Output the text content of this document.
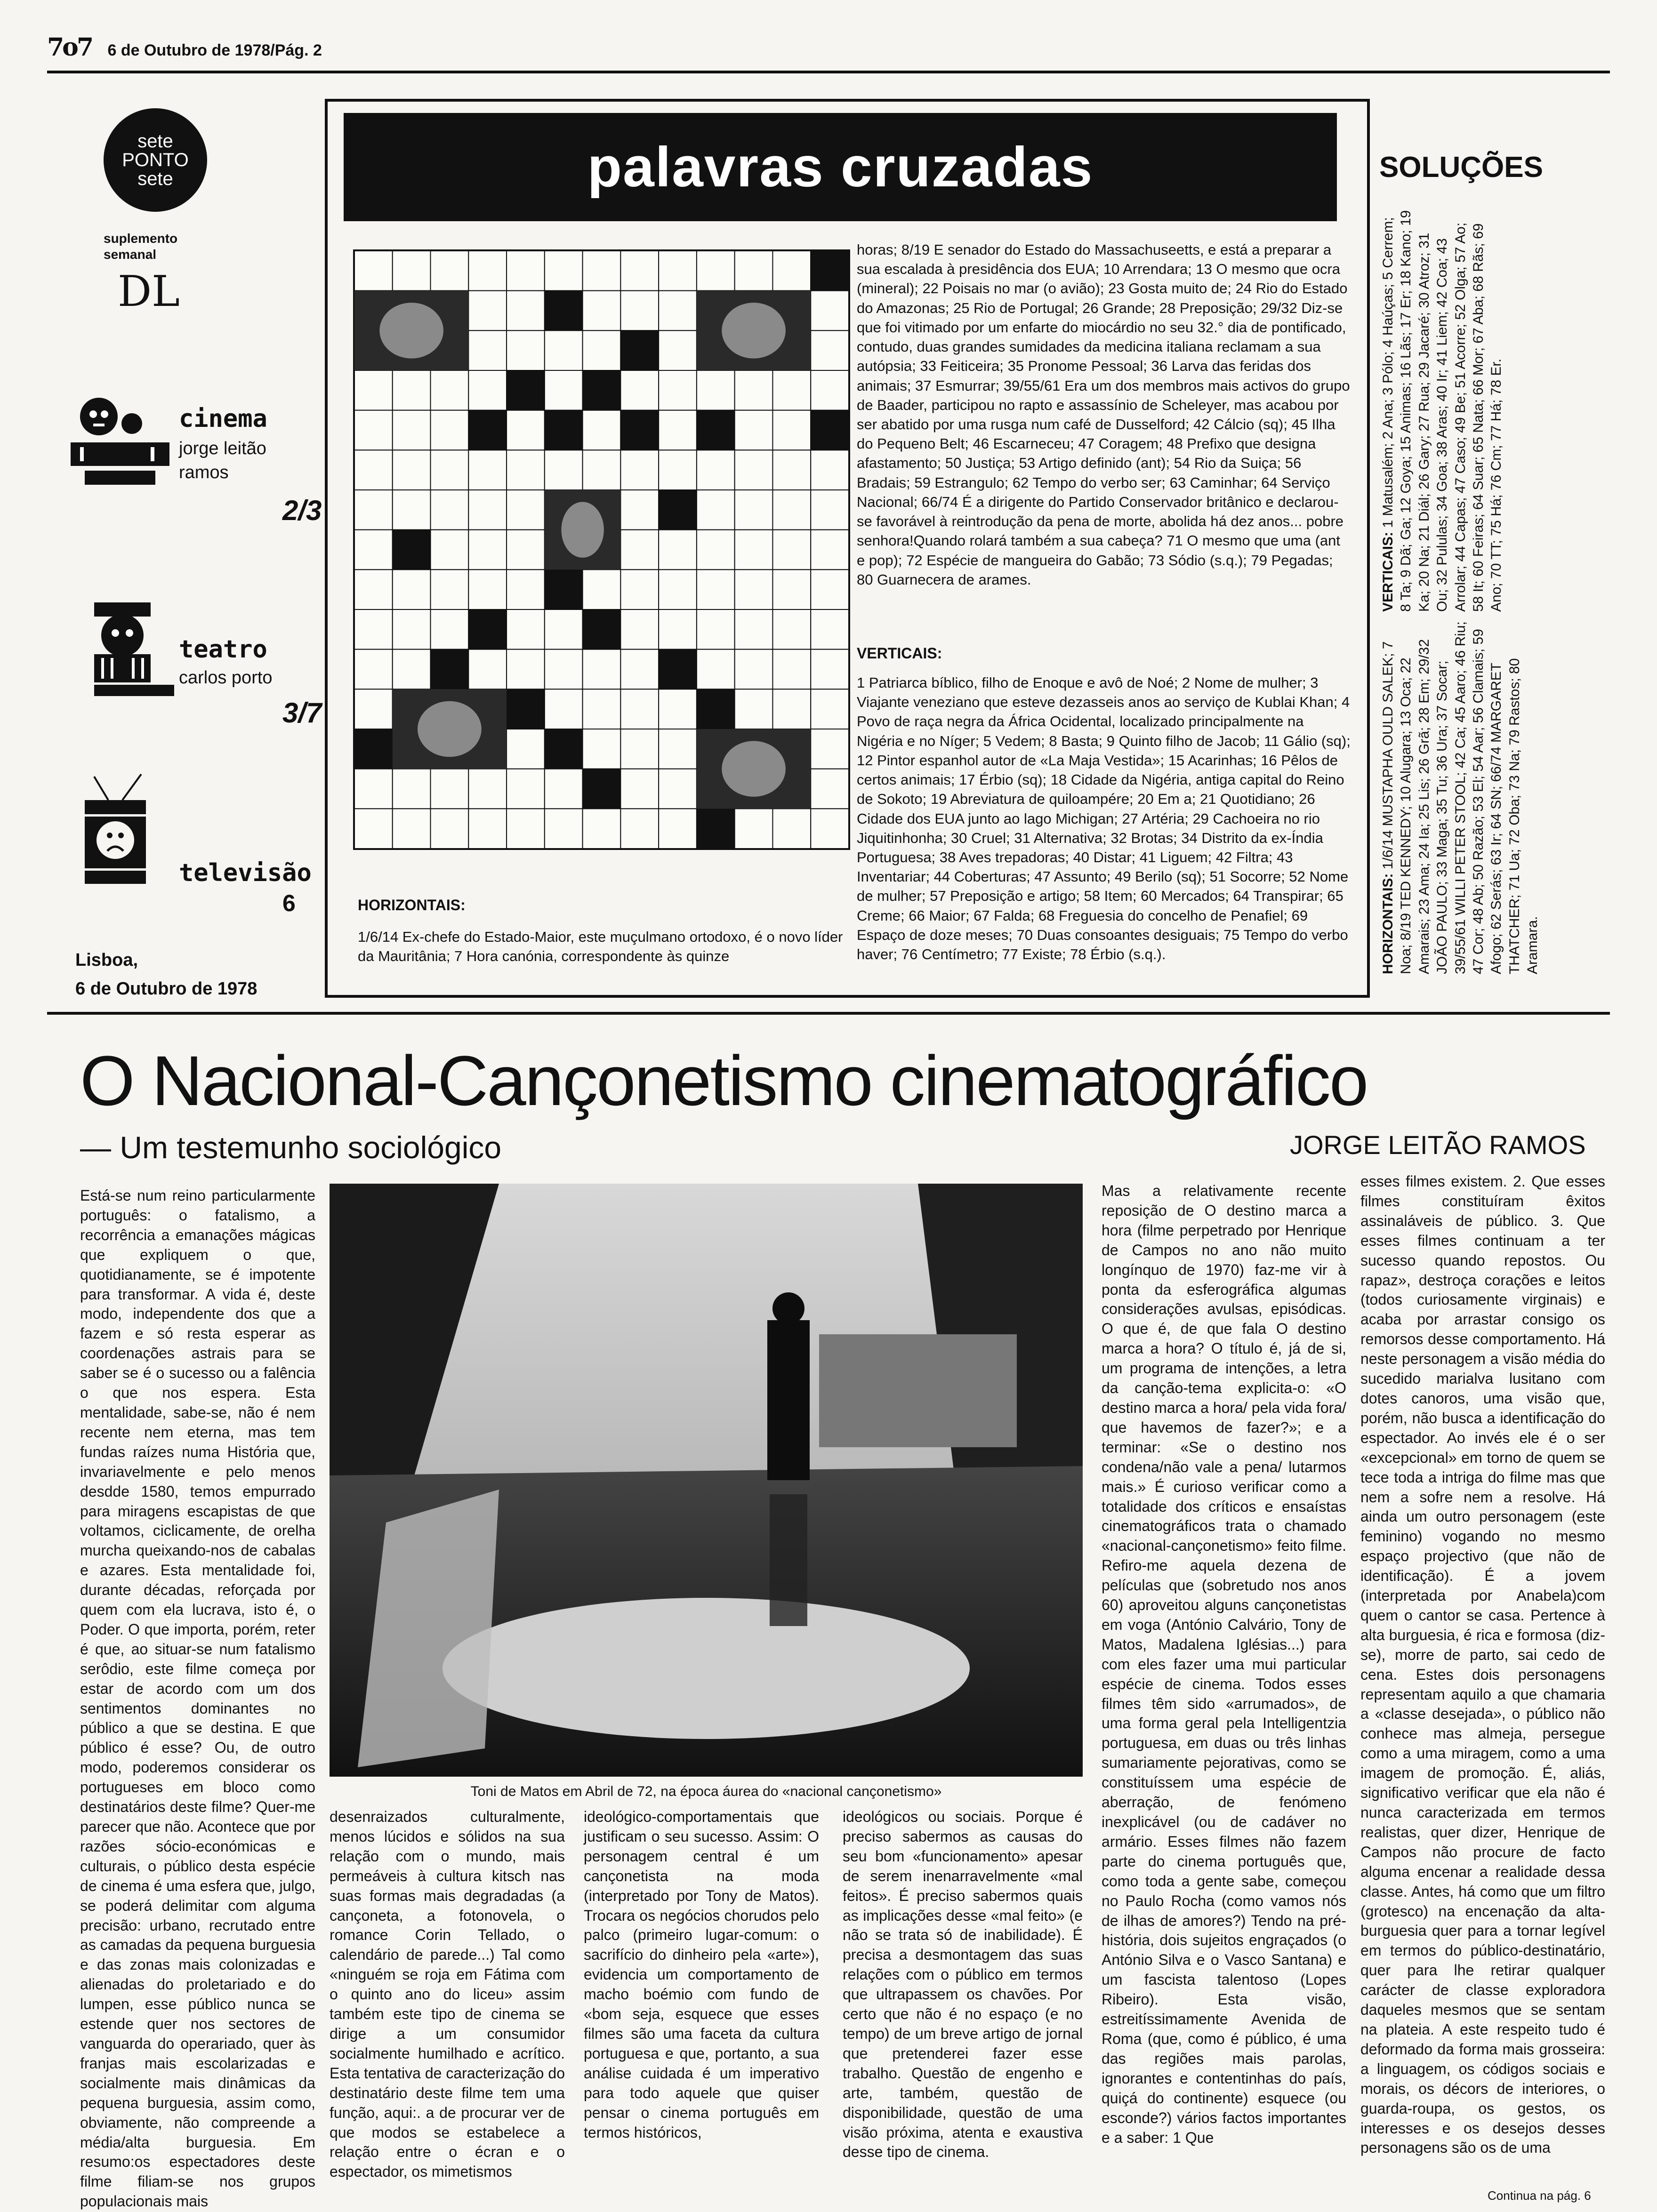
7o7 6 de Outubro de 1978/Pág. 2
sete
PONTO
sete
suplemento semanal
DL
cinema
jorge leitão ramos
2/3
teatro
carlos porto
3/7
televisão
6
Lisboa,
6 de Outubro de 1978
palavras cruzadas
horas; 8/19 E senador do Estado do Massachuseetts, e está a preparar a sua escalada à presidência dos EUA; 10 Arrendara; 13 O mesmo que ocra (mineral); 22 Poisais no mar (o avião); 23 Gosta muito de; 24 Rio do Estado do Amazonas; 25 Rio de Portugal; 26 Grande; 28 Preposição; 29/32 Diz-se que foi vitimado por um enfarte do miocárdio no seu 32.° dia de pontificado, contudo, duas grandes sumidades da medicina italiana reclamam a sua autópsia; 33 Feiticeira; 35 Pronome Pessoal; 36 Larva das feridas dos animais; 37 Esmurrar; 39/55/61 Era um dos membros mais activos do grupo de Baader, participou no rapto e assassínio de Scheleyer, mas acabou por ser abatido por uma rusga num café de Dusselford; 42 Cálcio (sq); 45 Ilha do Pequeno Belt; 46 Escarneceu; 47 Coragem; 48 Prefixo que designa afastamento; 50 Justiça; 53 Artigo definido (ant); 54 Rio da Suiça; 56 Bradais; 59 Estrangulo; 62 Tempo do verbo ser; 63 Caminhar; 64 Serviço Nacional; 66/74 É a dirigente do Partido Conservador britânico e declarou-se favorável à reintrodução da pena de morte, abolida há dez anos... pobre senhora!Quando rolará também a sua cabeça? 71 O mesmo que uma (ant e pop); 72 Espécie de mangueira do Gabão; 73 Sódio (s.q.); 79 Pegadas; 80 Guarnecera de arames.
VERTICAIS:
1 Patriarca bíblico, filho de Enoque e avô de Noé; 2 Nome de mulher; 3 Viajante veneziano que esteve dezasseis anos ao serviço de Kublai Khan; 4 Povo de raça negra da África Ocidental, localizado principalmente na Nigéria e no Níger; 5 Vedem; 8 Basta; 9 Quinto filho de Jacob; 11 Gálio (sq); 12 Pintor espanhol autor de «La Maja Vestida»; 15 Acarinhas; 16 Pêlos de certos animais; 17 Érbio (sq); 18 Cidade da Nigéria, antiga capital do Reino de Sokoto; 19 Abreviatura de quiloampére; 20 Em a; 21 Quotidiano; 26 Cidade dos EUA junto ao lago Michigan; 27 Artéria; 29 Cachoeira no rio Jiquitinhonha; 30 Cruel; 31 Alternativa; 32 Brotas; 34 Distrito da ex-Índia Portuguesa; 38 Aves trepadoras; 40 Distar; 41 Liguem; 42 Filtra; 43 Inventariar; 44 Coberturas; 47 Assunto; 49 Berilo (sq); 51 Socorre; 52 Nome de mulher; 57 Preposição e artigo; 58 Item; 60 Mercados; 64 Transpirar; 65 Creme; 66 Maior; 67 Falda; 68 Freguesia do concelho de Penafiel; 69 Espaço de doze meses; 70 Duas consoantes desiguais; 75 Tempo do verbo haver; 76 Centímetro; 77 Existe; 78 Érbio (s.q.).
HORIZONTAIS:
1/6/14 Ex-chefe do Estado-Maior, este muçulmano ortodoxo, é o novo líder da Mauritânia; 7 Hora canónia, correspondente às quinze
SOLUÇÕES
VERTICAIS: 1 Matusalém; 2 Ana; 3 Pólo; 4 Haúças; 5 Cerrem; 8 Ta; 9 Dã; Ga; 12 Goya; 15 Animas; 16 Lãs; 17 Er; 18 Kano; 19 Ka; 20 Na; 21 Diál; 26 Gary; 27 Rua; 29 Jacaré; 30 Atroz; 31 Ou; 32 Pululas; 34 Goa; 38 Aras; 40 Ir; 41 Liem; 42 Coa; 43 Arrolar; 44 Capas; 47 Caso; 49 Be; 51 Acorre; 52 Olga; 57 Ao; 58 It; 60 Feiras; 64 Suar; 65 Nata; 66 Mor; 67 Aba; 68 Rãs; 69 Ano; 70 TT; 75 Há; 76 Cm; 77 Há; 78 Er.
HORIZONTAIS: 1/6/14 MUSTAPHA OULD SALEK; 7 Noa; 8/19 TED KENNEDY; 10 Alugara; 13 Oca; 22 Amarais; 23 Ama; 24 Ia; 25 Lis; 26 Grã; 28 Em; 29/32 JOÃO PAULO; 33 Maga; 35 Tu; 36 Ura; 37 Socar; 39/55/61 WILLI PETER STOOL; 42 Ca; 45 Aaro; 46 Riu; 47 Cor; 48 Ab; 50 Razão; 53 El; 54 Aar; 56 Clamais; 59 Afogo; 62 Serás; 63 Ir; 64 SN; 66/74 MARGARET THATCHER; 71 Ua; 72 Oba; 73 Na; 79 Rastos; 80 Aramara.
O Nacional-Cançonetismo cinematográfico
— Um testemunho sociológico	JORGE LEITÃO RAMOS
Está-se num reino particularmente português: o fatalismo, a recorrência a emanações mágicas que expliquem o que, quotidianamente, se é impotente para transformar. A vida é, deste modo, independente dos que a fazem e só resta esperar as coordenações astrais para se saber se é o sucesso ou a falência o que nos espera. Esta mentalidade, sabe-se, não é nem recente nem eterna, mas tem fundas raízes numa História que, invariavelmente e pelo menos desdde 1580, temos empurrado para miragens escapistas de que voltamos, ciclicamente, de orelha murcha queixando-nos de cabalas e azares. Esta mentalidade foi, durante décadas, reforçada por quem com ela lucrava, isto é, o Poder. O que importa, porém, reter é que, ao situar-se num fatalismo serôdio, este filme começa por estar de acordo com um dos sentimentos dominantes no público a que se destina. E que público é esse? Ou, de outro modo, poderemos considerar os portugueses em bloco como destinatários deste filme? Quer-me parecer que não. Acontece que por razões sócio-económicas e culturais, o público desta espécie de cinema é uma esfera que, julgo, se poderá delimitar com alguma precisão: urbano, recrutado entre as camadas da pequena burguesia e das zonas mais colonizadas e alienadas do proletariado e do lumpen, esse público nunca se estende quer nos sectores de vanguarda do operariado, quer às franjas mais escolarizadas e socialmente mais dinâmicas da pequena burguesia, assim como, obviamente, não compreende a média/alta burguesia. Em resumo:os espectadores deste filme filiam-se nos grupos populacionais mais
Toni de Matos em Abril de 72, na época áurea do «nacional cançonetismo»
desenraizados culturalmente, menos lúcidos e sólidos na sua relação com o mundo, mais permeáveis à cultura kitsch nas suas formas mais degradadas (a cançoneta, a fotonovela, o romance Corin Tellado, o calendário de parede...) Tal como «ninguém se roja em Fátima com o quinto ano do liceu» assim também este tipo de cinema se dirige a um consumidor socialmente humilhado e acrítico. Esta tentativa de caracterização do destinatário deste filme tem uma função, aqui:. a de procurar ver de que modos se estabelece a relação entre o écran e o espectador, os mimetismos
ideológico-comportamentais que justificam o seu sucesso. Assim: O personagem central é um cançonetista na moda (interpretado por Tony de Matos). Trocara os negócios chorudos pelo palco (primeiro lugar-comum: o sacrifício do dinheiro pela «arte»), evidencia um comportamento de macho boémio com fundo de «bom seja, esquece que esses filmes são uma faceta da cultura portuguesa e que, portanto, a sua análise cuidada é um imperativo para todo aquele que quiser pensar o cinema português em termos históricos,
ideológicos ou sociais. Porque é preciso sabermos as causas do seu bom «funcionamento» apesar de serem inenarravelmente «mal feitos». É preciso sabermos quais as implicações desse «mal feito» (e não se trata só de inabilidade). É precisa a desmontagem das suas relações com o público em termos que ultrapassem os chavões. Por certo que não é no espaço (e no tempo) de um breve artigo de jornal que pretenderei fazer esse trabalho. Questão de engenho e arte, também, questão de disponibilidade, questão de uma visão próxima, atenta e exaustiva desse tipo de cinema.
Mas a relativamente recente reposição de O destino marca a hora (filme perpetrado por Henrique de Campos no ano não muito longínquo de 1970) faz-me vir à ponta da esferográfica algumas considerações avulsas, episódicas. O que é, de que fala O destino marca a hora? O título é, já de si, um programa de intenções, a letra da canção-tema explicita-o: «O destino marca a hora/ pela vida fora/ que havemos de fazer?»; e a terminar: «Se o destino nos condena/não vale a pena/ lutarmos mais.» É curioso verificar como a totalidade dos críticos e ensaístas cinematográficos trata o chamado «nacional-cançonetismo» feito filme. Refiro-me aquela dezena de películas que (sobretudo nos anos 60) aproveitou alguns cançonetistas em voga (António Calvário, Tony de Matos, Madalena Iglésias...) para com eles fazer uma mui particular espécie de cinema. Todos esses filmes têm sido «arrumados», de uma forma geral pela Intelligentzia portuguesa, em duas ou três linhas sumariamente pejorativas, como se constituíssem uma espécie de aberração, de fenómeno inexplicável (ou de cadáver no armário. Esses filmes não fazem parte do cinema português que, como toda a gente sabe, começou no Paulo Rocha (como vamos nós de ilhas de amores?) Tendo na pré-história, dois sujeitos engraçados (o António Silva e o Vasco Santana) e um fascista talentoso (Lopes Ribeiro). Esta visão, estreitíssimamente Avenida de Roma (que, como é público, é uma das regiões mais parolas, ignorantes e contentinhas do país, quiçá do continente) esquece (ou esconde?) vários factos importantes e a saber: 1 Que
esses filmes existem. 2. Que esses filmes constituíram êxitos assinaláveis de público. 3. Que esses filmes continuam a ter sucesso quando repostos. Ou rapaz», destroça corações e leitos (todos curiosamente virginais) e acaba por arrastar consigo os remorsos desse comportamento. Há neste personagem a visão média do sucedido marialva lusitano com dotes canoros, uma visão que, porém, não busca a identificação do espectador. Ao invés ele é o ser «excepcional» em torno de quem se tece toda a intriga do filme mas que nem a sofre nem a resolve. Há ainda um outro personagem (este feminino) vogando no mesmo espaço projectivo (que não de identificação). É a jovem (interpretada por Anabela)com quem o cantor se casa. Pertence à alta burguesia, é rica e formosa (diz-se), morre de parto, sai cedo de cena. Estes dois personagens representam aquilo a que chamaria a «classe desejada», o público não conhece mas almeja, persegue como a uma miragem, como a uma imagem de promoção. É, aliás, significativo verificar que ela não é nunca caracterizada em termos realistas, quer dizer, Henrique de Campos não procure de facto alguma encenar a realidade dessa classe. Antes, há como que um filtro (grotesco) na encenação da alta-burguesia quer para a tornar legível em termos do público-destinatário, quer para lhe retirar qualquer carácter de classe exploradora daqueles mesmos que se sentam na plateia. A este respeito tudo é deformado da forma mais grosseira: a linguagem, os códigos sociais e morais, os décors de interiores, o guarda-roupa, os gestos, os interesses e os desejos desses personagens são os de uma
Continua na pág. 6
